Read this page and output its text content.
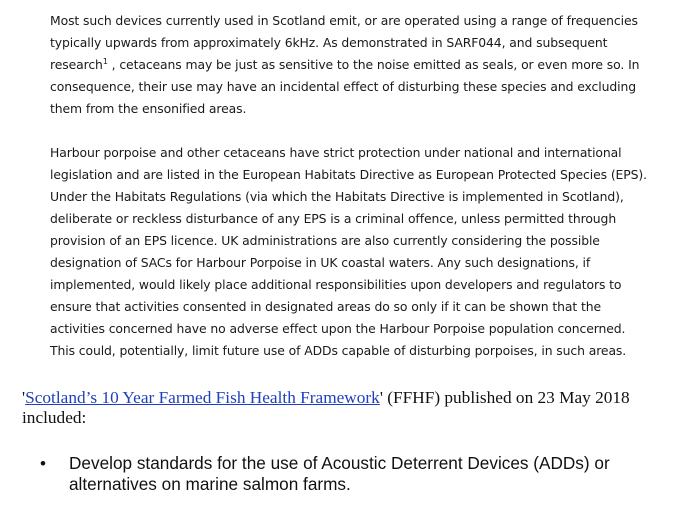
Most such devices currently used in Scotland emit, or are operated using a range of frequencies
typically upwards from approximately 6kHz. As demonstrated in SARF044, and subsequent
research$^1$ , cetaceans may be just as sensitive to the noise emitted as seals, or even more so. In
consequence, their use may have an incidental effect of disturbing these species and excluding
them from the ensonified areas.

Harbour porpoise and other cetaceans have strict protection under national and international
legislation and are listed in the European Habitats Directive as European Protected Species (EPS).
Under the Habitats Regulations (via which the Habitats Directive is implemented in Scotland),
deliberate or reckless disturbance of any EPS is a criminal offence, unless permitted through
provision of an EPS licence. UK administrations are also currently considering the possible
designation of SACs for Harbour Porpoise in UK coastal waters. Any such designations, if
implemented, would likely place additional responsibilities upon developers and regulators to
ensure that activities consented in designated areas do so only if it can be shown that the
activities concerned have no adverse effect upon the Harbour Porpoise population concerned.
This could, potentially, limit future use of ADDs capable of disturbing porpoises, in such areas.

'Scotland’s 10 Year Farmed Fish Health Framework' (FFHF) published on 23 May 2018
included:
• Develop standards for the use of Acoustic Deterrent Devices (ADDs) or
alternatives on marine salmon farms.
